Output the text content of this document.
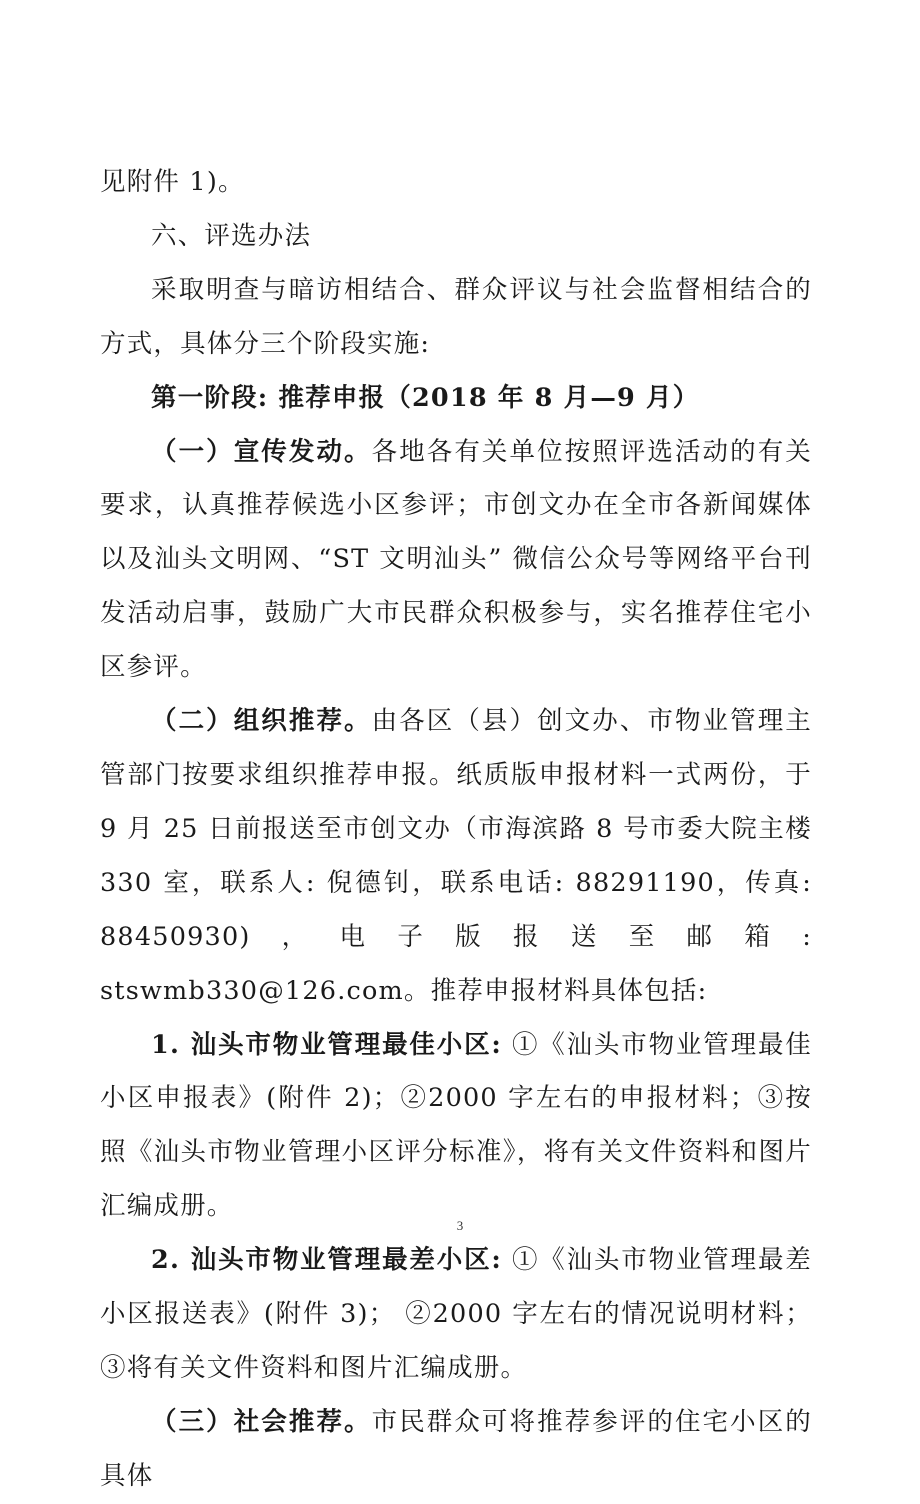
见附件 1)。

六、评选办法

采取明查与暗访相结合、群众评议与社会监督相结合的方式，具体分三个阶段实施:

第一阶段: 推荐申报（2018 年 8 月—9 月）

（一）宣传发动。各地各有关单位按照评选活动的有关要求，认真推荐候选小区参评；市创文办在全市各新闻媒体以及汕头文明网、“ST 文明汕头” 微信公众号等网络平台刊发活动启事，鼓励广大市民群众积极参与，实名推荐住宅小区参评。

（二）组织推荐。由各区（县）创文办、市物业管理主管部门按要求组织推荐申报。纸质版申报材料一式两份，于 9 月 25 日前报送至市创文办（市海滨路 8 号市委大院主楼 330 室，联系人: 倪德钊，联系电话: 88291190，传真: 88450930)，电子版报送至邮箱: stswmb330@126.com。推荐申报材料具体包括:

1. 汕头市物业管理最佳小区: ①《汕头市物业管理最佳小区申报表》(附件 2)；②2000 字左右的申报材料；③按照《汕头市物业管理小区评分标准》，将有关文件资料和图片汇编成册。

2. 汕头市物业管理最差小区: ①《汕头市物业管理最差小区报送表》(附件 3)； ②2000 字左右的情况说明材料；③将有关文件资料和图片汇编成册。

（三）社会推荐。市民群众可将推荐参评的住宅小区的具体

3
